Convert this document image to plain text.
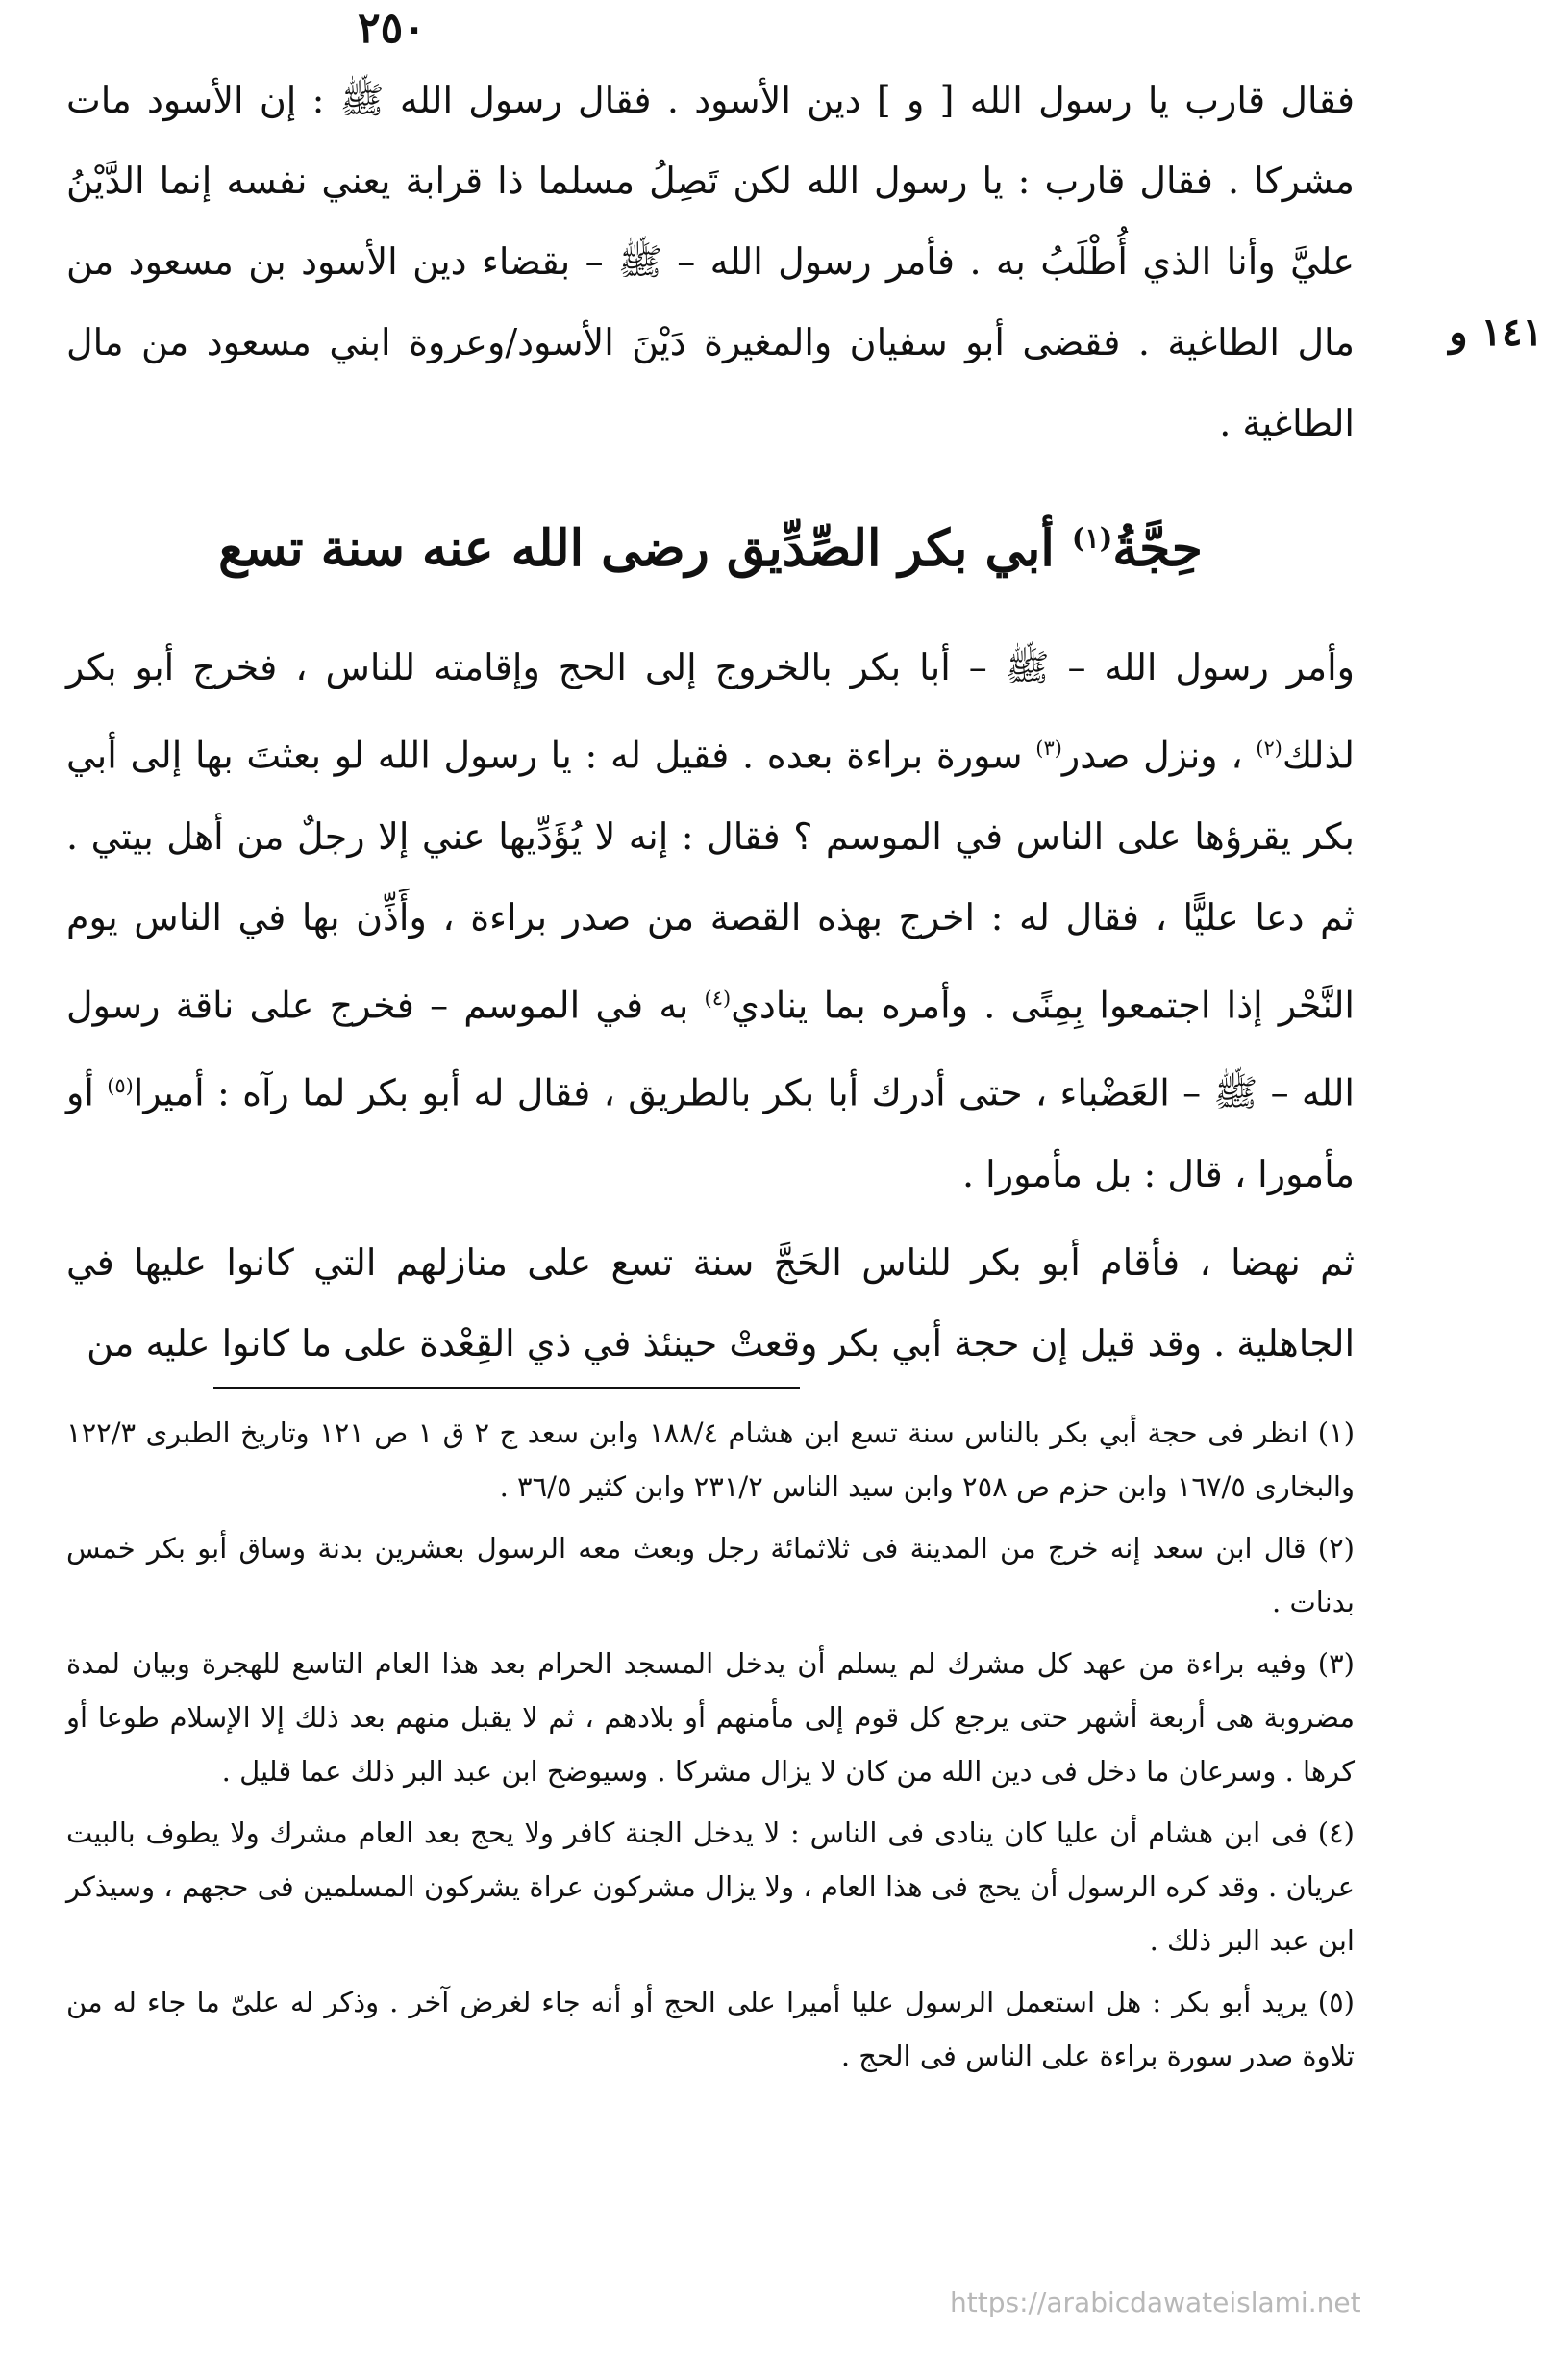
٢٥٠
١٤١ و
فقال قارب يا رسول الله [ و ] دين الأسود . فقال رسول الله ﷺ : إن الأسود مات مشركا . فقال قارب : يا رسول الله لكن تَصِلُ مسلما ذا قرابة يعني نفسه إنما الدَّيْنُ عليَّ وأنا الذي أُطْلَبُ به . فأمر رسول الله – ﷺ – بقضاء دين الأسود بن مسعود من مال الطاغية . فقضى أبو سفيان والمغيرة دَيْنَ الأسود/وعروة ابني مسعود من مال الطاغية .
حِجَّةُ$^{(١)}$ أبي بكر الصِّدِّيق رضى الله عنه سنة تسع

وأمر رسول الله – ﷺ – أبا بكر بالخروج إلى الحج وإقامته للناس ، فخرج أبو بكر لذلك$^{(٢)}$ ، ونزل صدر$^{(٣)}$ سورة براءة بعده . فقيل له : يا رسول الله لو بعثتَ بها إلى أبي بكر يقرؤها على الناس في الموسم ؟ فقال : إنه لا يُؤَدِّيها عني إلا رجلٌ من أهل بيتي . ثم دعا عليًّا ، فقال له : اخرج بهذه القصة من صدر براءة ، وأَذِّن بها في الناس يوم النَّحْر إذا اجتمعوا بِمِنًى . وأمره بما ينادي$^{(٤)}$ به في الموسم – فخرج على ناقة رسول الله – ﷺ – العَضْباء ، حتى أدرك أبا بكر بالطريق ، فقال له أبو بكر لما رآه : أميرا$^{(٥)}$ أو مأمورا ، قال : بل مأمورا .

ثم نهضا ، فأقام أبو بكر للناس الحَجَّ سنة تسع على منازلهم التي كانوا عليها في الجاهلية . وقد قيل إن حجة أبي بكر وقعتْ حينئذ في ذي القِعْدة على ما كانوا عليه من

(١) انظر فى حجة أبي بكر بالناس سنة تسع ابن هشام ١٨٨/٤ وابن سعد ج ٢ ق ١ ص ١٢١ وتاريخ الطبرى ١٢٢/٣ والبخارى ١٦٧/٥ وابن حزم ص ٢٥٨ وابن سيد الناس ٢٣١/٢ وابن كثير ٣٦/٥ .

(٢) قال ابن سعد إنه خرج من المدينة فى ثلاثمائة رجل وبعث معه الرسول بعشرين بدنة وساق أبو بكر خمس بدنات .

(٣) وفيه براءة من عهد كل مشرك لم يسلم أن يدخل المسجد الحرام بعد هذا العام التاسع للهجرة وبيان لمدة مضروبة هى أربعة أشهر حتى يرجع كل قوم إلى مأمنهم أو بلادهم ، ثم لا يقبل منهم بعد ذلك إلا الإسلام طوعا أو كرها . وسرعان ما دخل فى دين الله من كان لا يزال مشركا . وسيوضح ابن عبد البر ذلك عما قليل .

(٤) فى ابن هشام أن عليا كان ينادى فى الناس : لا يدخل الجنة كافر ولا يحج بعد العام مشرك ولا يطوف بالبيت عريان . وقد كره الرسول أن يحج فى هذا العام ، ولا يزال مشركون عراة يشركون المسلمين فى حجهم ، وسيذكر ابن عبد البر ذلك .

(٥) يريد أبو بكر : هل استعمل الرسول عليا أميرا على الحج أو أنه جاء لغرض آخر . وذكر له علىّ ما جاء له من تلاوة صدر سورة براءة على الناس فى الحج .

https://arabicdawateislami.net
